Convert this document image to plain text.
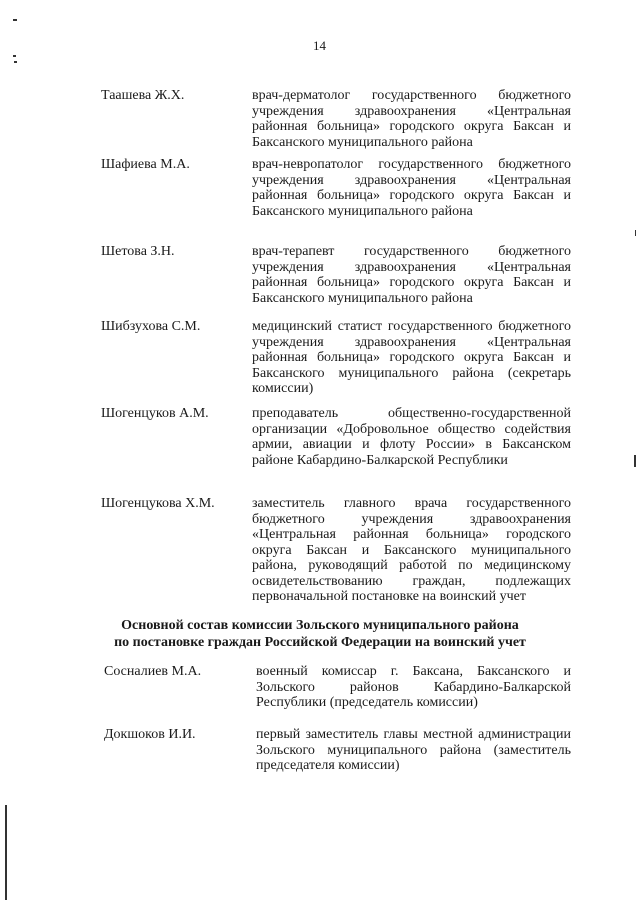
14
Таашева Ж.Х.	врач-дерматолог государственного бюджетного учреждения здравоохранения «Центральная районная больница» городского округа Баксан и Баксанского муниципального района
Шафиева М.А.	врач-невропатолог государственного бюджетного учреждения здравоохранения «Центральная районная больница» городского округа Баксан и Баксанского муниципального района
Шетова З.Н.	врач-терапевт государственного бюджетного учреждения здравоохранения «Центральная районная больница» городского округа Баксан и Баксанского муниципального района
Шибзухова С.М.	медицинский статист государственного бюджетного учреждения здравоохранения «Центральная районная больница» городского округа Баксан и Баксанского муниципального района (секретарь комиссии)
Шогенцуков А.М.	преподаватель общественно-государственной организации «Добровольное общество содействия армии, авиации и флоту России» в Баксанском районе Кабардино-Балкарской Республики
Шогенцукова Х.М.	заместитель главного врача государственного бюджетного учреждения здравоохранения «Центральная районная больница» городского округа Баксан и Баксанского муниципального района, руководящий работой по медицинскому освидетельствованию граждан, подлежащих первоначальной постановке на воинский учет
Основной состав комиссии Зольского муниципального района
по постановке граждан Российской Федерации на воинский учет
Сосналиев М.А.	военный комиссар г. Баксана, Баксанского и Зольского районов Кабардино-Балкарской Республики (председатель комиссии)
Докшоков И.И.	первый заместитель главы местной администрации Зольского муниципального района (заместитель председателя комиссии)
